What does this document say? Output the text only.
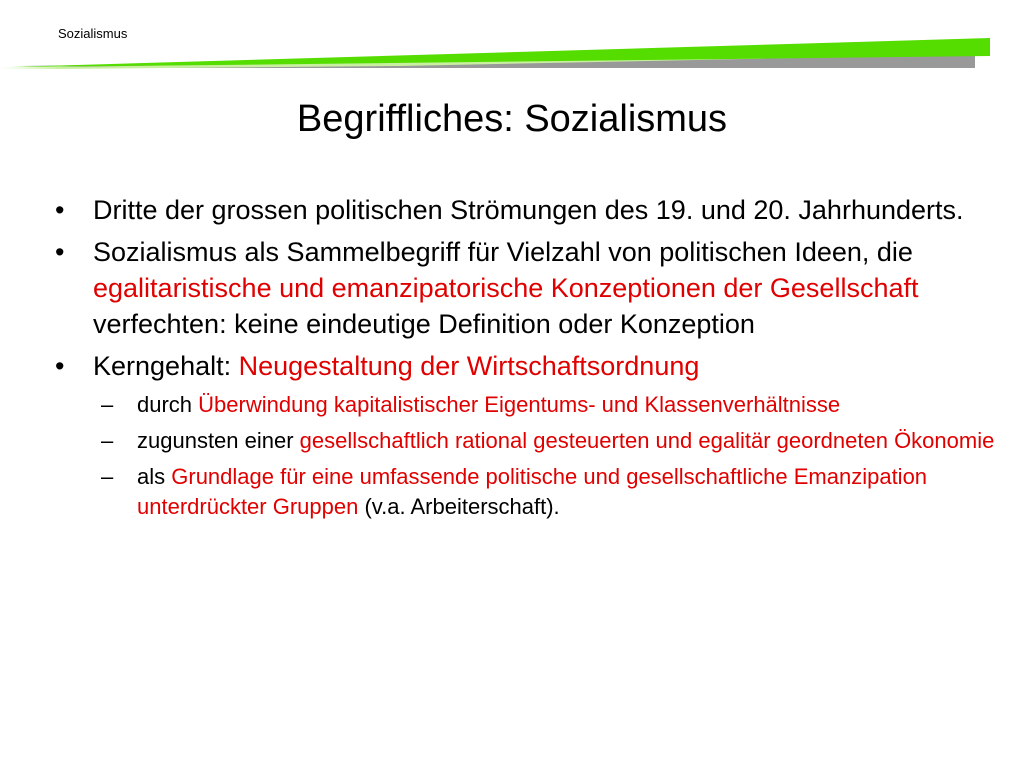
Sozialismus
Begriffliches: Sozialismus
•	Dritte der grossen politischen Strömungen des 19. und 20. Jahrhunderts.
•	Sozialismus als Sammelbegriff für Vielzahl von politischen Ideen, die egalitaristische und emanzipatorische Konzeptionen der Gesellschaft verfechten: keine eindeutige Definition oder Konzeption
•	Kerngehalt: Neugestaltung der Wirtschaftsordnung
–	durch Überwindung kapitalistischer Eigentums- und Klassenverhältnisse
–	zugunsten einer gesellschaftlich rational gesteuerten und egalitär geordneten Ökonomie
–	als Grundlage für eine umfassende politische und gesellschaftliche Emanzipation unterdrückter Gruppen (v.a. Arbeiterschaft).
